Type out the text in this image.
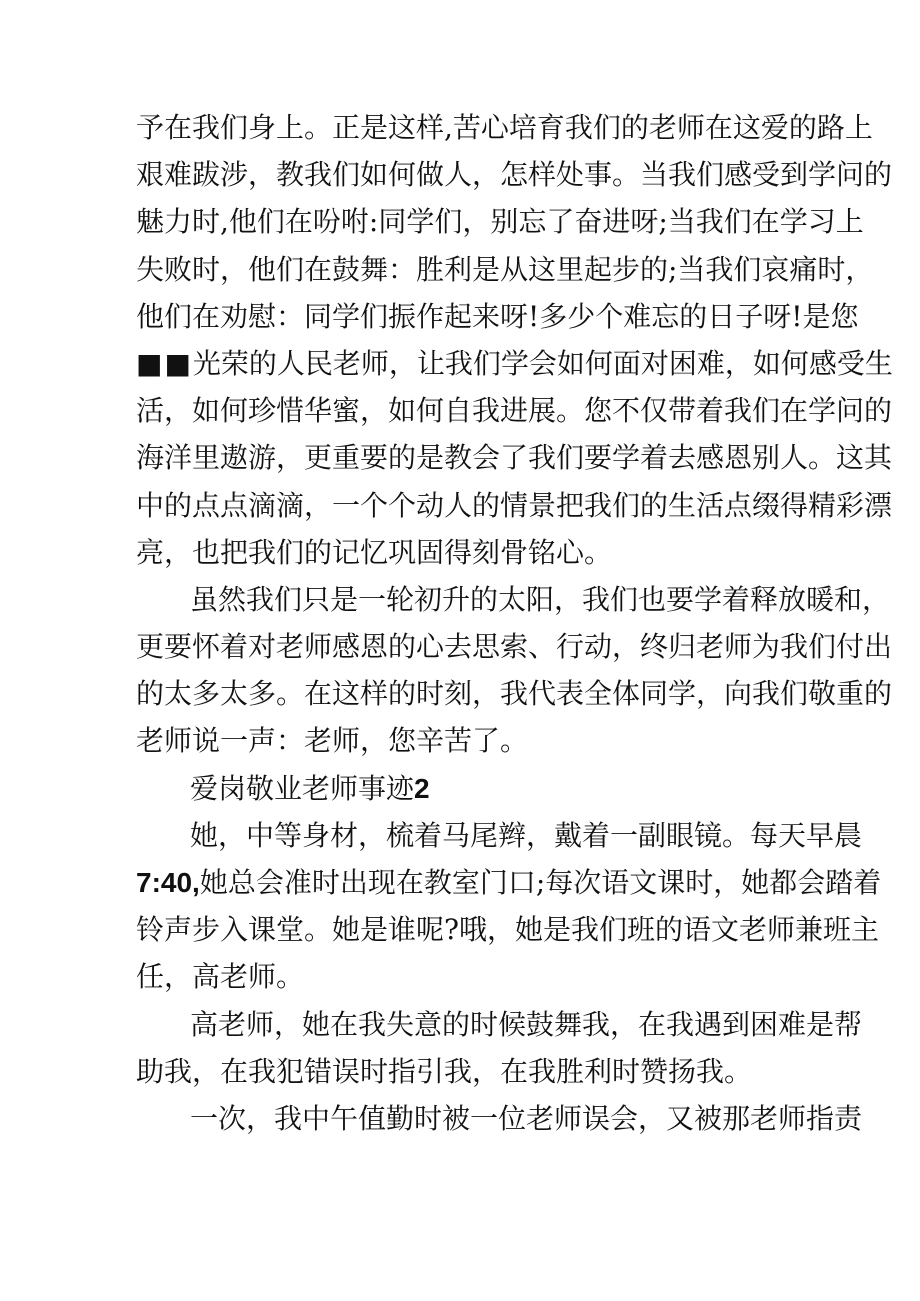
予在我们身上。正是这样,苦心培育我们的老师在这爱的路上
艰难跋涉，教我们如何做人，怎样处事。当我们感受到学问的
魅力时,他们在吩咐:同学们，别忘了奋进呀;当我们在学习上
失败时，他们在鼓舞：胜利是从这里起步的;当我们哀痛时，
他们在劝慰：同学们振作起来呀!多少个难忘的日子呀!是您
■■ 光荣的人民老师，让我们学会如何面对困难，如何感受生
活，如何珍惜华蜜，如何自我进展。您不仅带着我们在学问的
海洋里遨游，更重要的是教会了我们要学着去感恩别人。这其
中的点点滴滴，一个个动人的情景把我们的生活点缀得精彩漂
亮，也把我们的记忆巩固得刻骨铭心。
虽然我们只是一轮初升的太阳，我们也要学着释放暖和，
更要怀着对老师感恩的心去思索、行动，终归老师为我们付出
的太多太多。在这样的时刻，我代表全体同学，向我们敬重的
老师说一声：老师，您辛苦了。
爱岗敬业老师事迹 2
她，中等身材，梳着马尾辫，戴着一副眼镜。每天早晨
7:40, 她总会准时出现在教室门口;每次语文课时，她都会踏着
铃声步入课堂。她是谁呢?哦，她是我们班的语文老师兼班主
任，高老师。
高老师，她在我失意的时候鼓舞我，在我遇到困难是帮
助我，在我犯错误时指引我，在我胜利时赞扬我。
一次，我中午值勤时被一位老师误会，又被那老师指责
